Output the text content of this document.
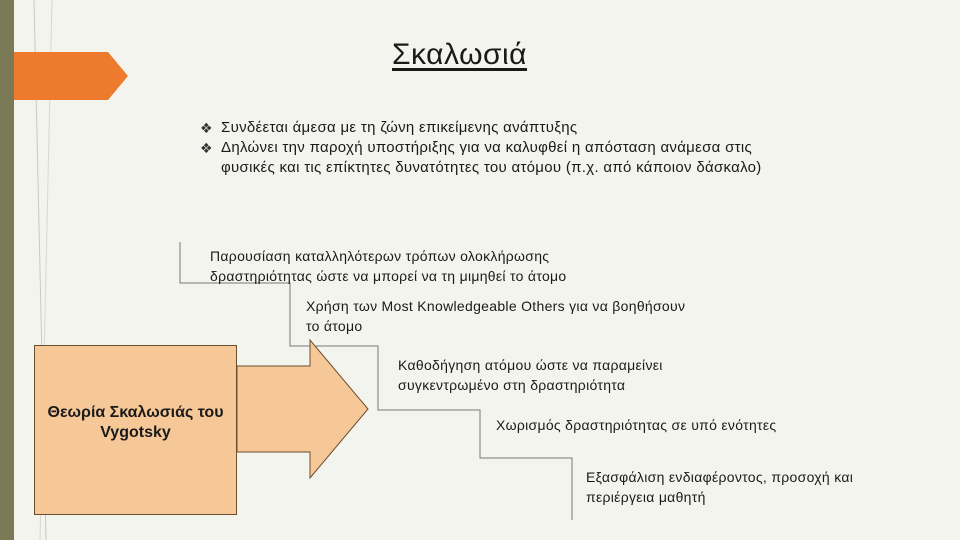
Σκαλωσιά
❖ Συνδέεται άμεσα με τη ζώνη επικείμενης ανάπτυξης
❖ Δηλώνει την παροχή υποστήριξης για να καλυφθεί η απόσταση ανάμεσα στις φυσικές και τις επίκτητες δυνατότητες του ατόμου (π.χ. από κάποιον δάσκαλο)
Παρουσίαση καταλληλότερων τρόπων ολοκλήρωσης δραστηριότητας ώστε να μπορεί να τη μιμηθεί το άτομο
Χρήση των Most Knowledgeable Others για να βοηθήσουν το άτομο
Καθοδήγηση ατόμου ώστε να παραμείνει συγκεντρωμένο στη δραστηριότητα
Χωρισμός δραστηριότητας σε υπό ενότητες
Εξασφάλιση ενδιαφέροντος, προσοχή και περιέργεια μαθητή
Θεωρία Σκαλωσιάς του Vygotsky
